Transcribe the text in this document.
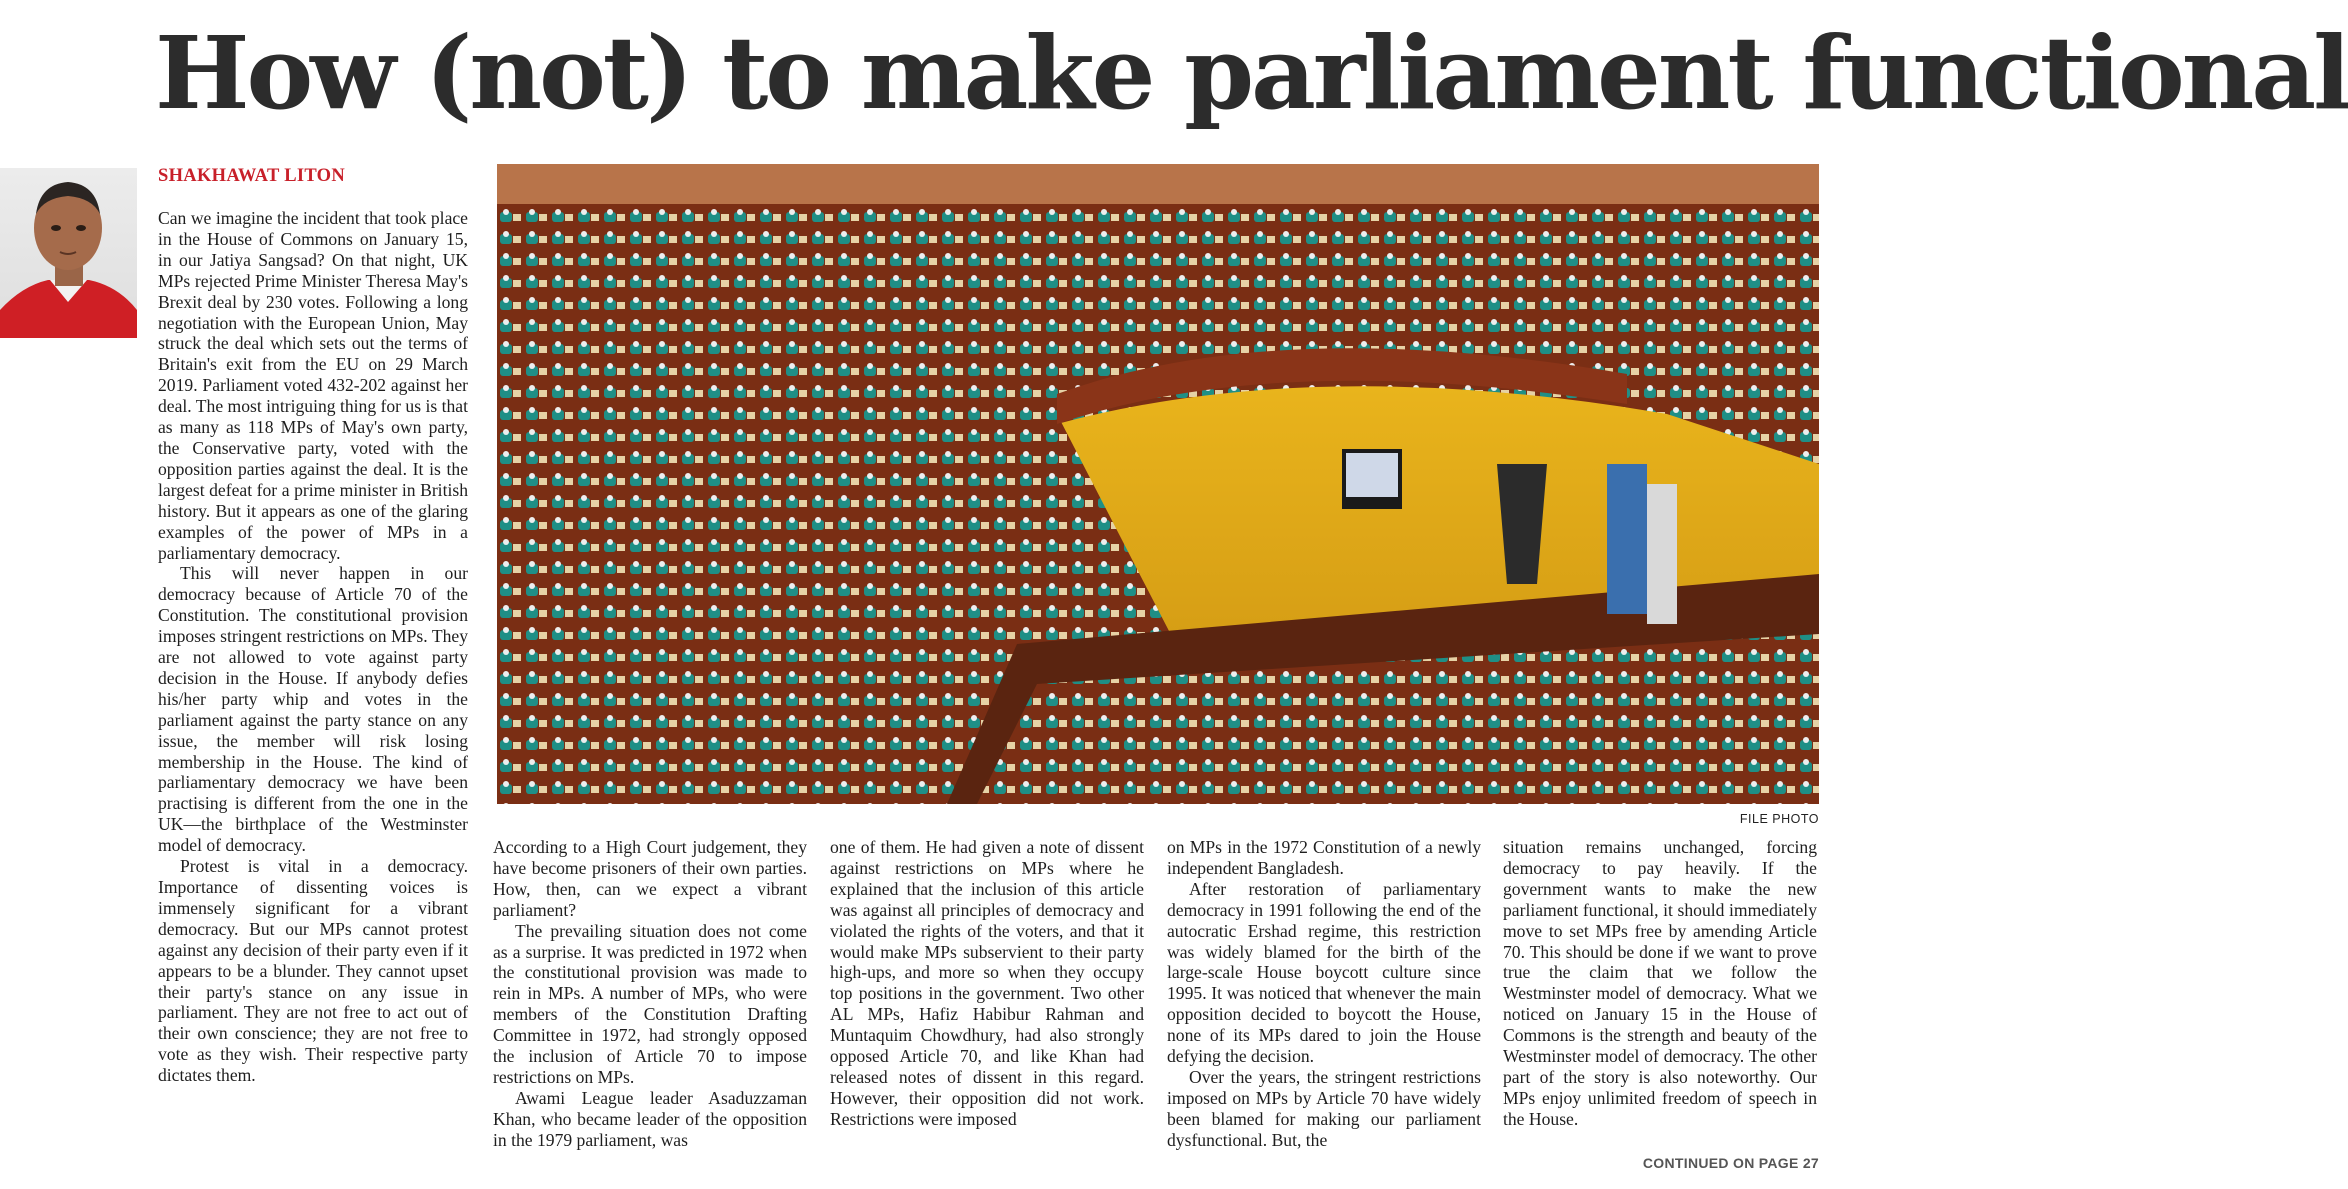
How (not) to make parliament functional
SHAKHAWAT LITON

Can we imagine the incident that took place in the House of Commons on January 15, in our Jatiya Sangsad? On that night, UK MPs rejected Prime Minister Theresa May's Brexit deal by 230 votes. Following a long negotiation with the European Union, May struck the deal which sets out the terms of Britain's exit from the EU on 29 March 2019. Parliament voted 432-202 against her deal. The most intriguing thing for us is that as many as 118 MPs of May's own party, the Conservative party, voted with the opposition parties against the deal. It is the largest defeat for a prime minister in British history. But it appears as one of the glaring examples of the power of MPs in a parliamentary democracy.

This will never happen in our democracy because of Article 70 of the Constitution. The constitutional provision imposes stringent restrictions on MPs. They are not allowed to vote against party decision in the House. If anybody defies his/her party whip and votes in the parliament against the party stance on any issue, the member will risk losing membership in the House. The kind of parliamentary democracy we have been practising is different from the one in the UK—the birthplace of the Westminster model of democracy.

Protest is vital in a democracy. Importance of dissenting voices is immensely significant for a vibrant democracy. But our MPs cannot protest against any decision of their party even if it appears to be a blunder. They cannot upset their party's stance on any issue in parliament. They are not free to act out of their own conscience; they are not free to vote as they wish. Their respective party dictates them.

FILE PHOTO

According to a High Court judgement, they have become prisoners of their own parties. How, then, can we expect a vibrant parliament?

The prevailing situation does not come as a surprise. It was predicted in 1972 when the constitutional provision was made to rein in MPs. A number of MPs, who were members of the Constitution Drafting Committee in 1972, had strongly opposed the inclusion of Article 70 to impose restrictions on MPs.

Awami League leader Asaduzzaman Khan, who became leader of the opposition in the 1979 parliament, was

one of them. He had given a note of dissent against restrictions on MPs where he explained that the inclusion of this article was against all principles of democracy and violated the rights of the voters, and that it would make MPs subservient to their party high-ups, and more so when they occupy top positions in the government. Two other AL MPs, Hafiz Habibur Rahman and Muntaquim Chowdhury, had also strongly opposed Article 70, and like Khan had released notes of dissent in this regard. However, their opposition did not work. Restrictions were imposed

on MPs in the 1972 Constitution of a newly independent Bangladesh.

After restoration of parliamentary democracy in 1991 following the end of the autocratic Ershad regime, this restriction was widely blamed for the birth of the large-scale House boycott culture since 1995. It was noticed that whenever the main opposition decided to boycott the House, none of its MPs dared to join the House defying the decision.

Over the years, the stringent restrictions imposed on MPs by Article 70 have widely been blamed for making our parliament dysfunctional. But, the

situation remains unchanged, forcing democracy to pay heavily. If the government wants to make the new parliament functional, it should immediately move to set MPs free by amending Article 70. This should be done if we want to prove true the claim that we follow the Westminster model of democracy. What we noticed on January 15 in the House of Commons is the strength and beauty of the Westminster model of democracy. The other part of the story is also noteworthy. Our MPs enjoy unlimited freedom of speech in the House.

CONTINUED ON PAGE 27
